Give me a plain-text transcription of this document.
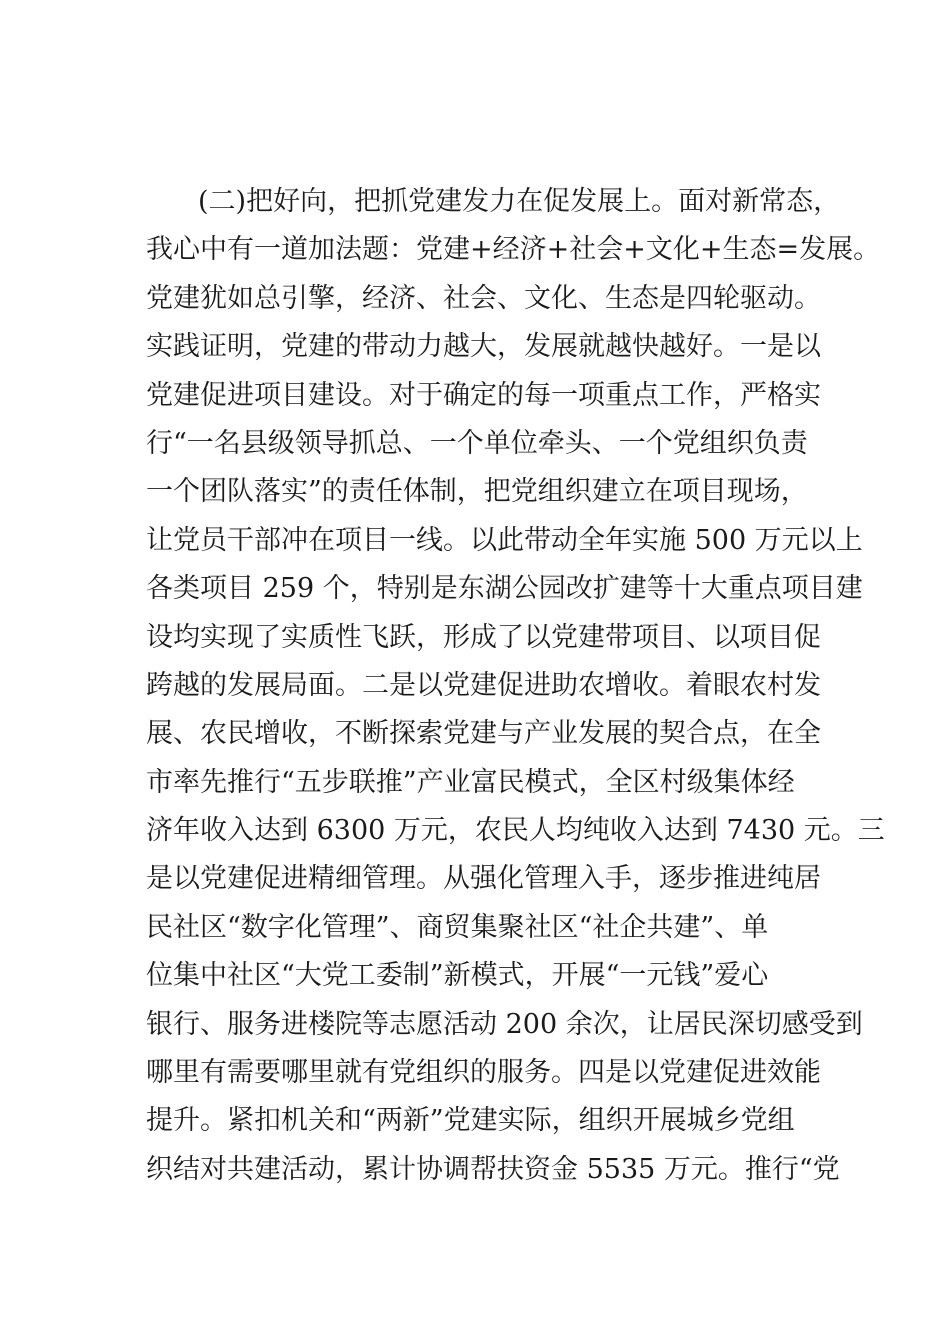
(二)把好向，把抓党建发力在促发展上。面对新常态，
我心中有一道加法题：党建+经济+社会+文化+生态=发展。
党建犹如总引擎，经济、社会、文化、生态是四轮驱动。
实践证明，党建的带动力越大，发展就越快越好。一是以
党建促进项目建设。对于确定的每一项重点工作，严格实
行“一名县级领导抓总、一个单位牵头、一个党组织负责
一个团队落实”的责任体制，把党组织建立在项目现场，
让党员干部冲在项目一线。以此带动全年实施 500 万元以上
各类项目 259 个，特别是东湖公园改扩建等十大重点项目建
设均实现了实质性飞跃，形成了以党建带项目、以项目促
跨越的发展局面。二是以党建促进助农增收。着眼农村发
展、农民增收，不断探索党建与产业发展的契合点，在全
市率先推行“五步联推”产业富民模式，全区村级集体经
济年收入达到 6300 万元，农民人均纯收入达到 7430 元。三
是以党建促进精细管理。从强化管理入手，逐步推进纯居
民社区“数字化管理”、商贸集聚社区“社企共建”、单
位集中社区“大党工委制”新模式，开展“一元钱”爱心
银行、服务进楼院等志愿活动 200 余次，让居民深切感受到
哪里有需要哪里就有党组织的服务。四是以党建促进效能
提升。紧扣机关和“两新”党建实际，组织开展城乡党组
织结对共建活动，累计协调帮扶资金 5535 万元。推行“党
